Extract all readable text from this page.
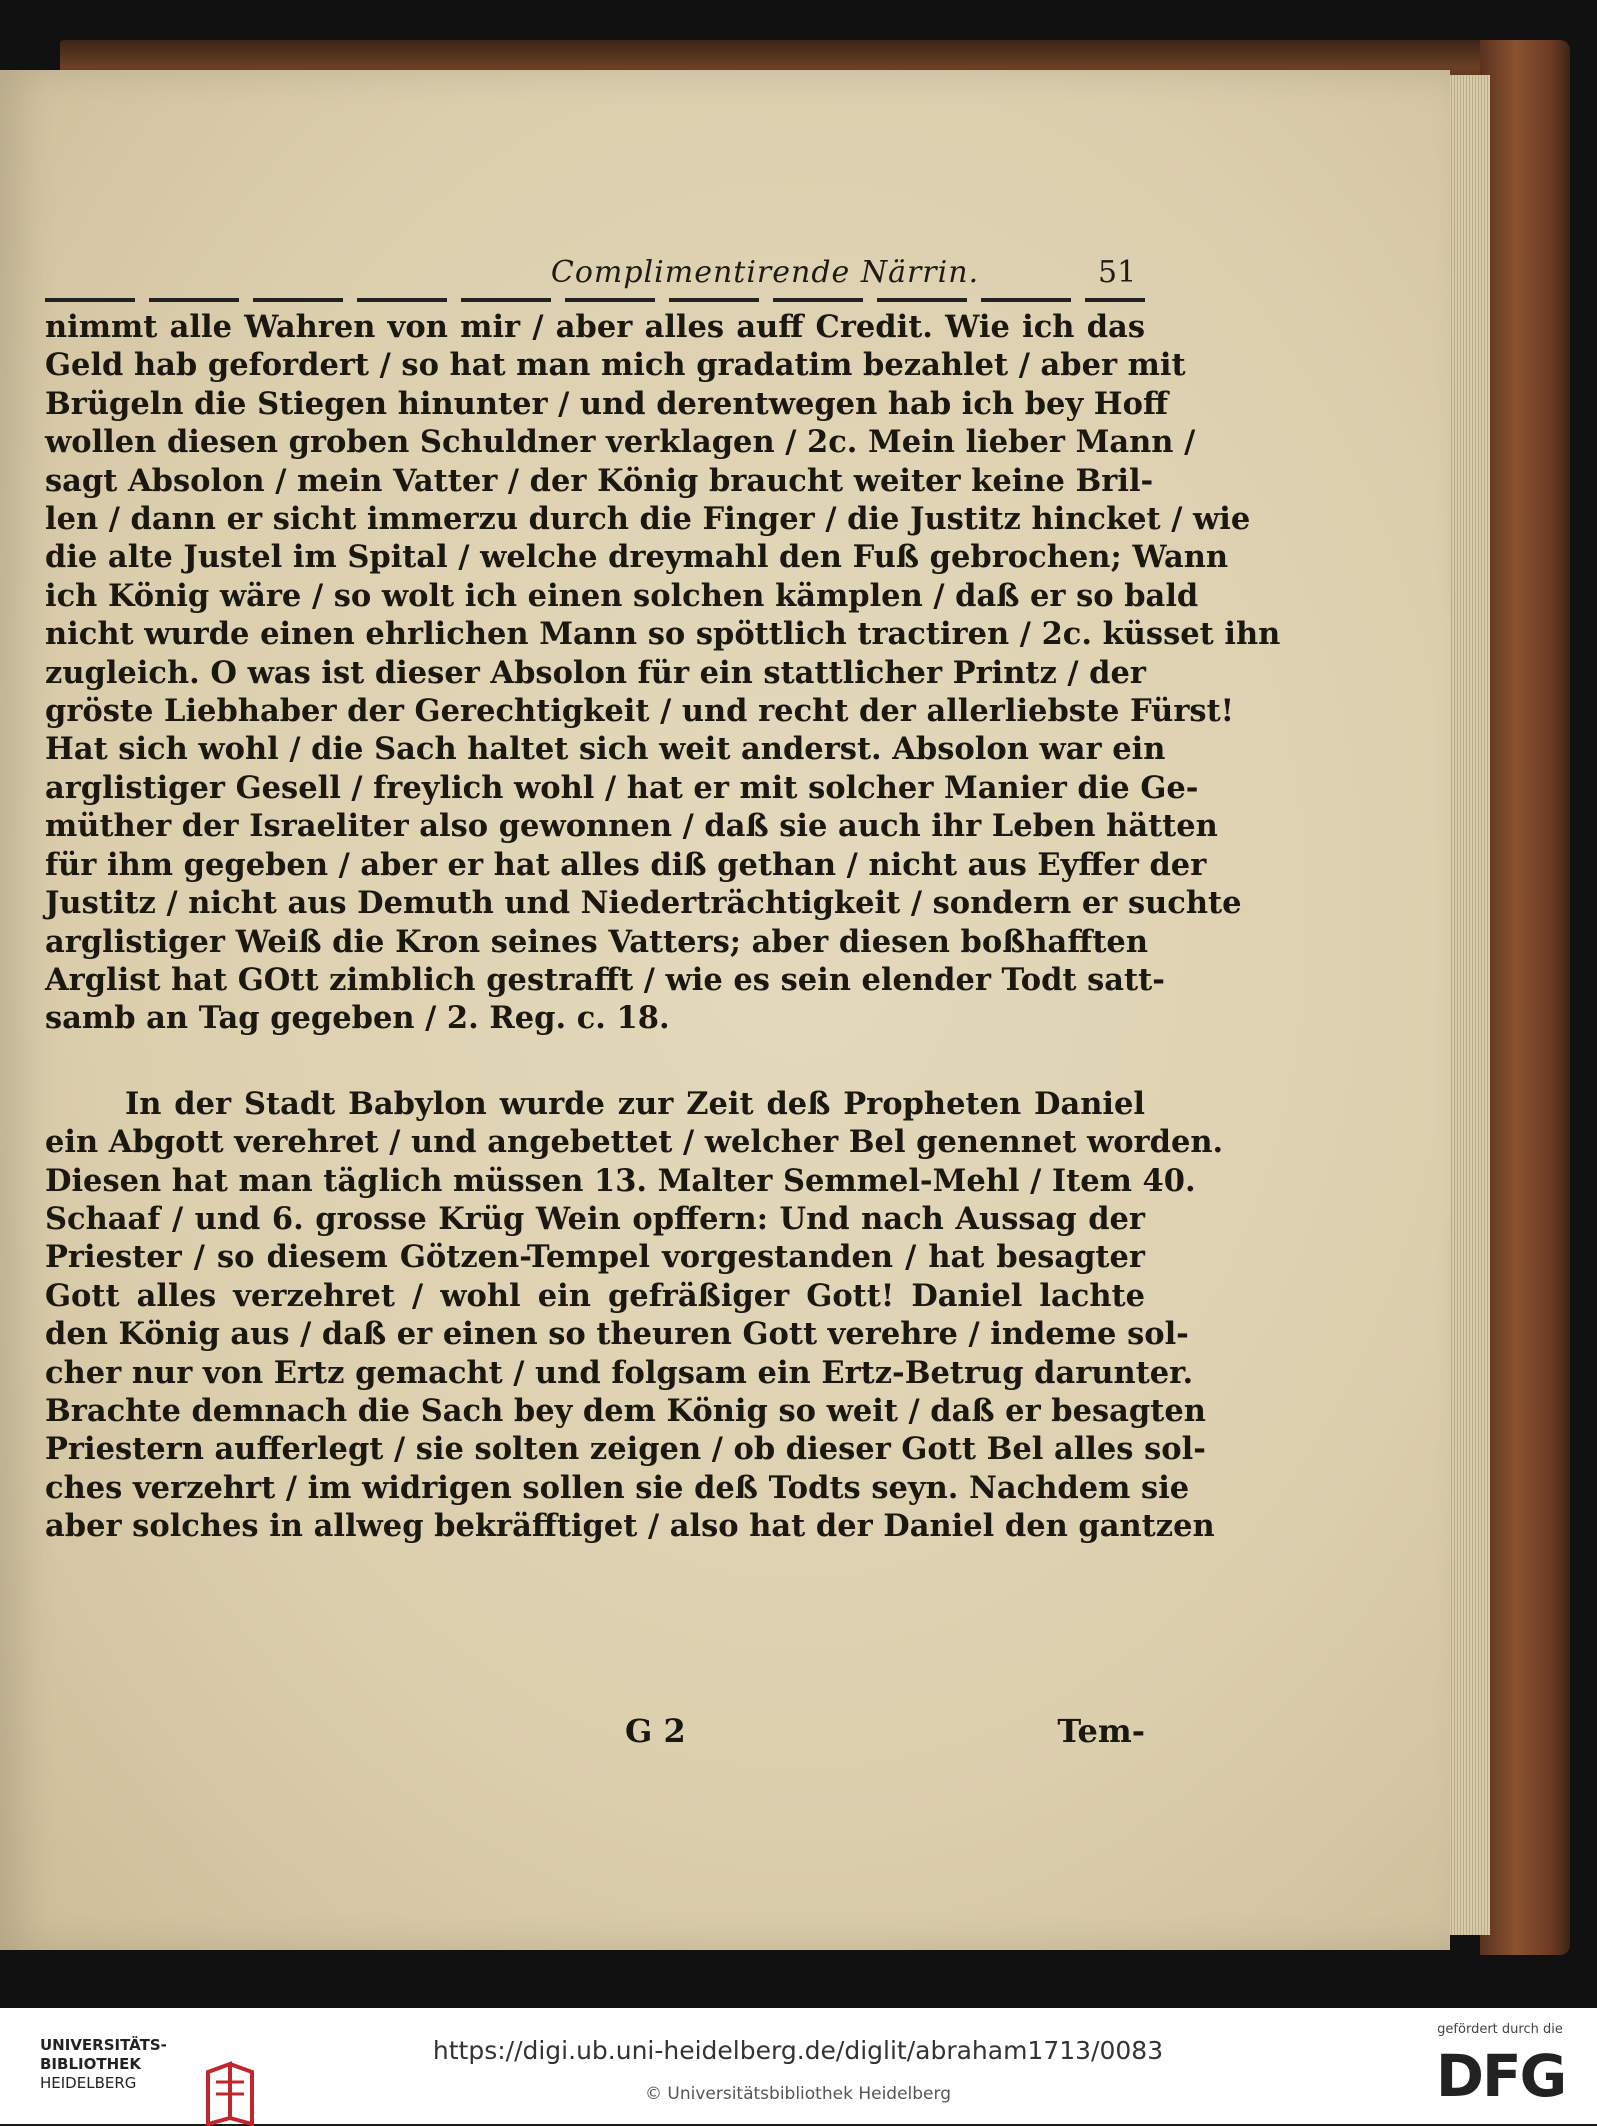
Complimentirende Närrin.	51
nimmt alle Wahren von mir / aber alles auff Credit. Wie ich das
Geld hab gefordert / so hat man mich gradatim bezahlet / aber mit
Brügeln die Stiegen hinunter / und derentwegen hab ich bey Hoff
wollen diesen groben Schuldner verklagen / 2c. Mein lieber Mann /
sagt Absolon / mein Vatter / der König braucht weiter keine Bril-
len / dann er sicht immerzu durch die Finger / die Justitz hincket / wie
die alte Justel im Spital / welche dreymahl den Fuß gebrochen; Wann
ich König wäre / so wolt ich einen solchen kämplen / daß er so bald
nicht wurde einen ehrlichen Mann so spöttlich tractiren / 2c. küsset ihn
zugleich. O was ist dieser Absolon für ein stattlicher Printz / der
gröste Liebhaber der Gerechtigkeit / und recht der allerliebste Fürst!
Hat sich wohl / die Sach haltet sich weit anderst. Absolon war ein
arglistiger Gesell / freylich wohl / hat er mit solcher Manier die Ge-
müther der Israeliter also gewonnen / daß sie auch ihr Leben hätten
für ihm gegeben / aber er hat alles diß gethan / nicht aus Eyffer der
Justitz / nicht aus Demuth und Niederträchtigkeit / sondern er suchte
arglistiger Weiß die Kron seines Vatters; aber diesen boßhafften
Arglist hat GOtt zimblich gestrafft / wie es sein elender Todt satt-
samb an Tag gegeben / 2. Reg. c. 18.
In der Stadt Babylon wurde zur Zeit deß Propheten Daniel
ein Abgott verehret / und angebettet / welcher Bel genennet worden.
Diesen hat man täglich müssen 13. Malter Semmel-Mehl / Item 40.
Schaaf / und 6. grosse Krüg Wein opffern: Und nach Aussag der
Priester / so diesem Götzen-Tempel vorgestanden / hat besagter
Gott alles verzehret / wohl ein gefräßiger Gott! Daniel lachte
den König aus / daß er einen so theuren Gott verehre / indeme sol-
cher nur von Ertz gemacht / und folgsam ein Ertz-Betrug darunter.
Brachte demnach die Sach bey dem König so weit / daß er besagten
Priestern aufferlegt / sie solten zeigen / ob dieser Gott Bel alles sol-
ches verzehrt / im widrigen sollen sie deß Todts seyn. Nachdem sie
aber solches in allweg bekräfftiget / also hat der Daniel den gantzen
G 2	Tem-
UNIVERSITÄTS-
BIBLIOTHEK
HEIDELBERG
https://digi.ub.uni-heidelberg.de/diglit/abraham1713/0083
© Universitätsbibliothek Heidelberg
gefördert durch die
DFG
